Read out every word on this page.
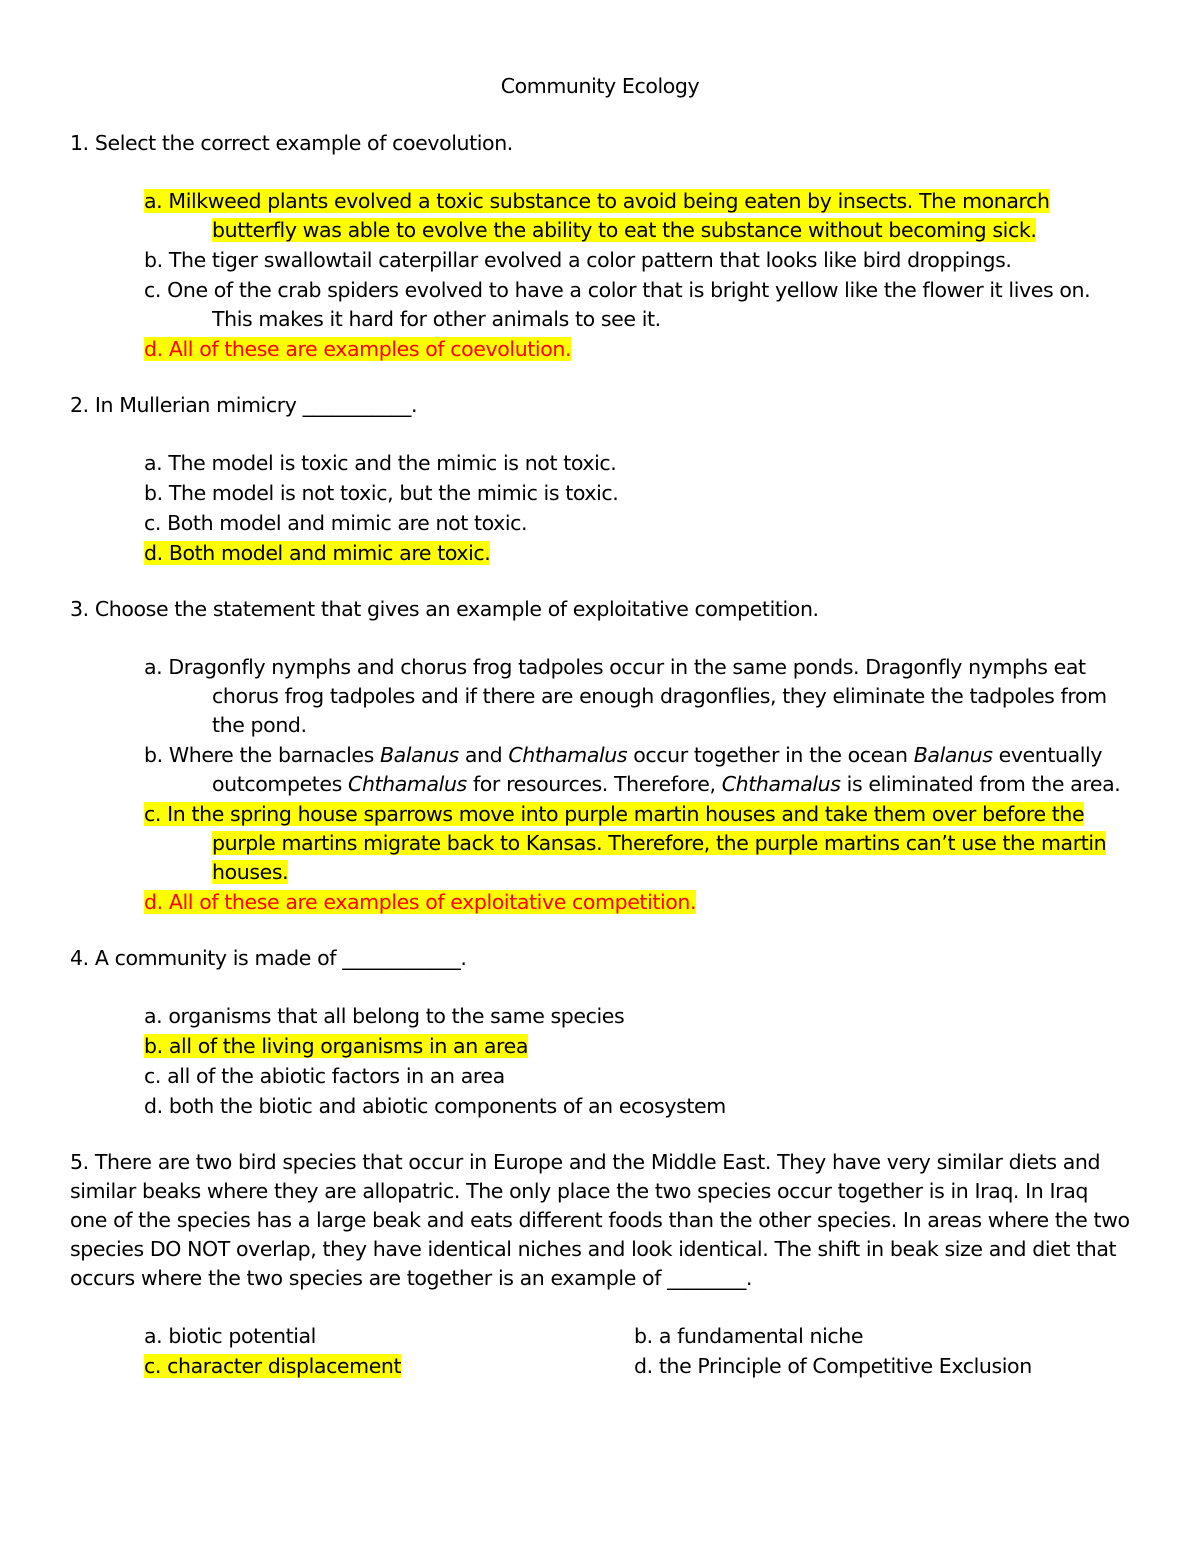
Community Ecology

1. Select the correct example of coevolution.

a. Milkweed plants evolved a toxic substance to avoid being eaten by insects. The monarch butterfly was able to evolve the ability to eat the substance without becoming sick.
b. The tiger swallowtail caterpillar evolved a color pattern that looks like bird droppings.
c. One of the crab spiders evolved to have a color that is bright yellow like the flower it lives on. This makes it hard for other animals to see it.
d. All of these are examples of coevolution.

2. In Mullerian mimicry ___________.

a. The model is toxic and the mimic is not toxic.
b. The model is not toxic, but the mimic is toxic.
c. Both model and mimic are not toxic.
d. Both model and mimic are toxic.

3. Choose the statement that gives an example of exploitative competition.

a. Dragonfly nymphs and chorus frog tadpoles occur in the same ponds. Dragonfly nymphs eat chorus frog tadpoles and if there are enough dragonflies, they eliminate the tadpoles from the pond.
b. Where the barnacles Balanus and Chthamalus occur together in the ocean Balanus eventually outcompetes Chthamalus for resources. Therefore, Chthamalus is eliminated from the area.
c. In the spring house sparrows move into purple martin houses and take them over before the purple martins migrate back to Kansas. Therefore, the purple martins can’t use the martin houses.
d. All of these are examples of exploitative competition.

4. A community is made of ____________.

a. organisms that all belong to the same species
b. all of the living organisms in an area
c. all of the abiotic factors in an area
d. both the biotic and abiotic components of an ecosystem

5. There are two bird species that occur in Europe and the Middle East. They have very similar diets and similar beaks where they are allopatric. The only place the two species occur together is in Iraq. In Iraq one of the species has a large beak and eats different foods than the other species. In areas where the two species DO NOT overlap, they have identical niches and look identical. The shift in beak size and diet that occurs where the two species are together is an example of ________.

a. biotic potential	b. a fundamental niche
c. character displacement	d. the Principle of Competitive Exclusion
